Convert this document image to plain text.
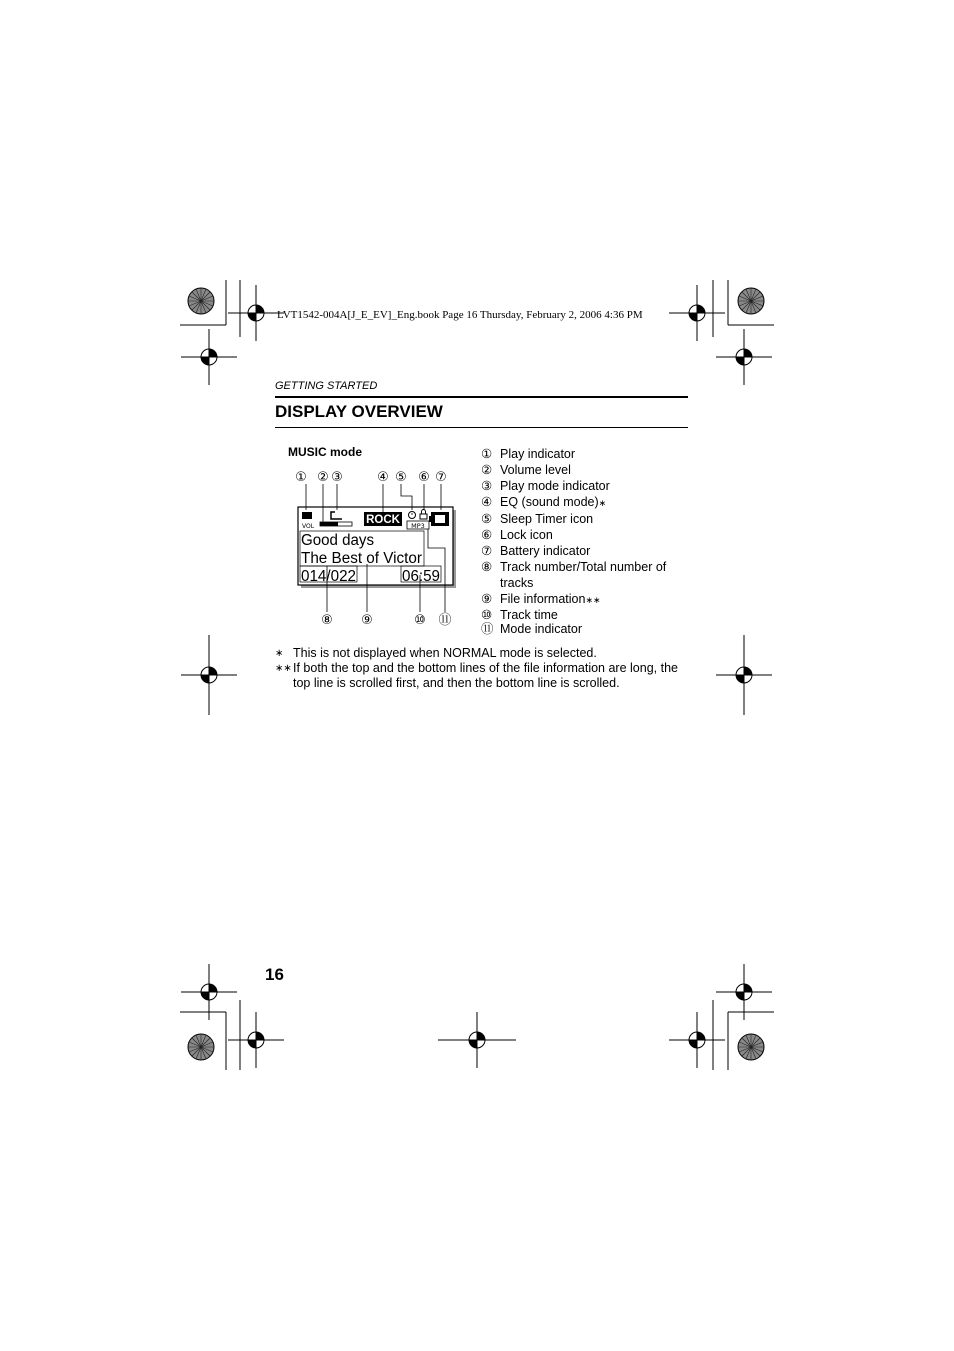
LVT1542-004A[J_E_EV]_Eng.book Page 16 Thursday, February 2, 2006 4:36 PM
GETTING STARTED
DISPLAY OVERVIEW
MUSIC mode
① ② ③	④ ⑤ ⑥ ⑦
⑧ ⑨	⑩ ⑪
VOL
ROCK MP3
Good days
The Best of Victor
014/022	06:59
① Play indicator
② Volume level
③ Play mode indicator
④ EQ (sound mode)∗
⑤ Sleep Timer icon
⑥ Lock icon
⑦ Battery indicator
⑧ Track number/Total number of tracks
⑨ File information∗∗
⑩ Track time
⑪ Mode indicator
∗ This is not displayed when NORMAL mode is selected.
∗∗ If both the top and the bottom lines of the file information are long, the top line is scrolled first, and then the bottom line is scrolled.
16
